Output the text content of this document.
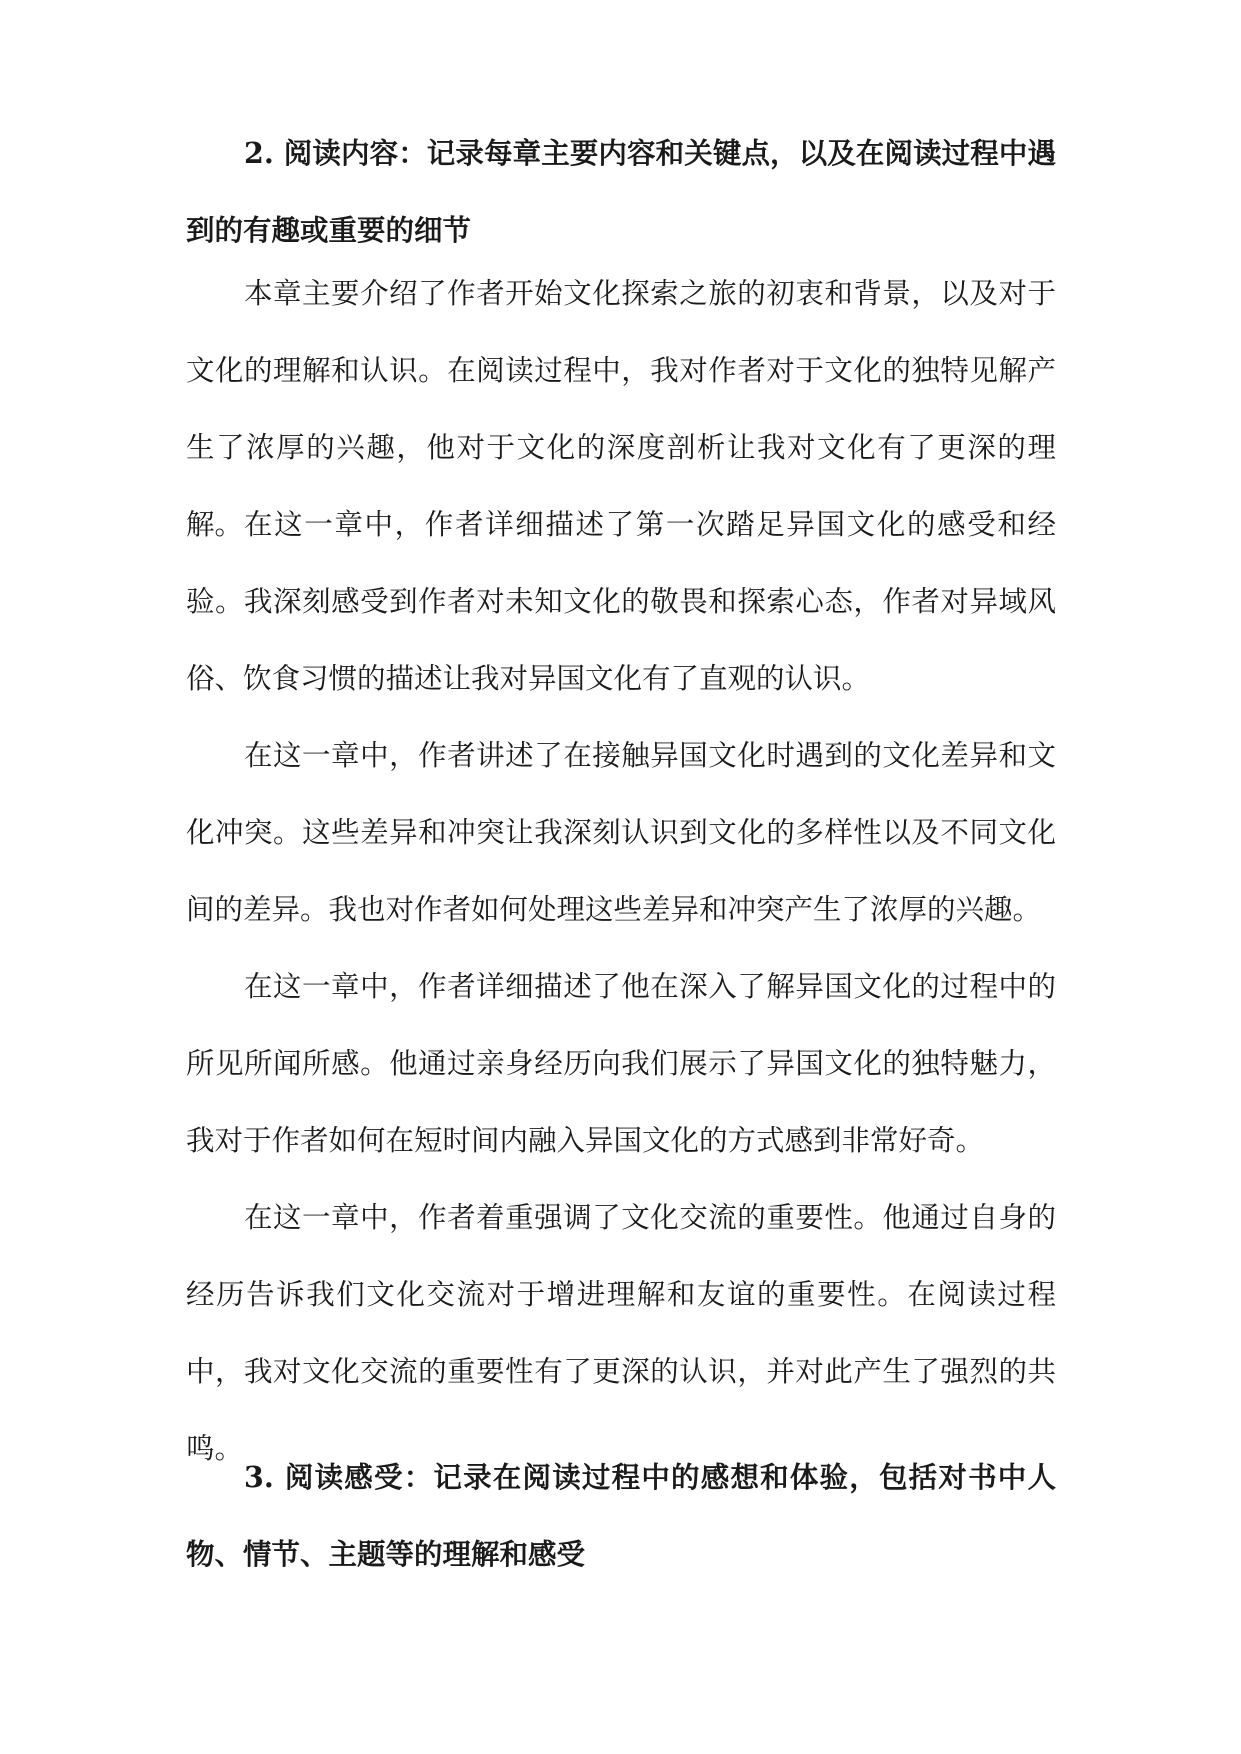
2. 阅读内容：记录每章主要内容和关键点，以及在阅读过程中遇到的有趣或重要的细节

本章主要介绍了作者开始文化探索之旅的初衷和背景，以及对于文化的理解和认识。在阅读过程中，我对作者对于文化的独特见解产生了浓厚的兴趣，他对于文化的深度剖析让我对文化有了更深的理解。 在这一章中，作者详细描述了第一次踏足异国文化的感受和经验。我深刻感受到作者对未知文化的敬畏和探索心态，作者对异域风俗、饮食习惯的描述让我对异国文化有了直观的认识。

在这一章中，作者讲述了在接触异国文化时遇到的文化差异和文化冲突。这些差异和冲突让我深刻认识到文化的多样性以及不同文化间的差异。我也对作者如何处理这些差异和冲突产生了浓厚的兴趣。

在这一章中，作者详细描述了他在深入了解异国文化的过程中的所见所闻所感。他通过亲身经历向我们展示了异国文化的独特魅力，我对于作者如何在短时间内融入异国文化的方式感到非常好奇。

在这一章中，作者着重强调了文化交流的重要性。他通过自身的经历告诉我们文化交流对于增进理解和友谊的重要性。在阅读过程中，我对文化交流的重要性有了更深的认识，并对此产生了强烈的共鸣。

3. 阅读感受：记录在阅读过程中的感想和体验，包括对书中人物、情节、主题等的理解和感受
